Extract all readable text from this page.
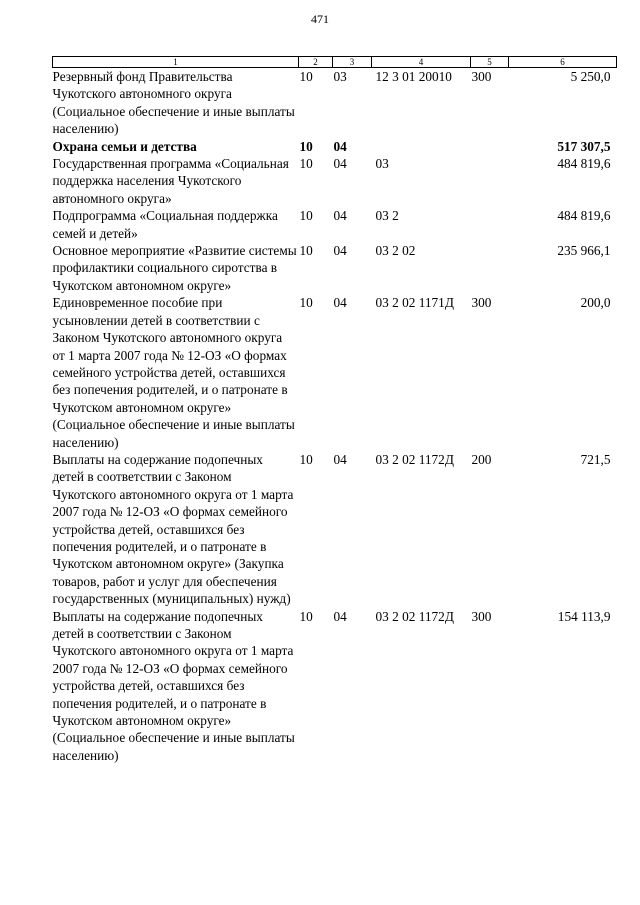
471
1	2	3	4	5	6
Резервный фонд Правительства Чукотского автономного округа (Социальное обеспечение и иные выплаты населению)	10	03	12 3 01 20010	300	5 250,0
Охрана семьи и детства	10	04			517 307,5
Государственная программа «Социальная поддержка населения Чукотского автономного округа»	10	04	03		484 819,6
Подпрограмма «Социальная поддержка семей и детей»	10	04	03 2		484 819,6
Основное мероприятие «Развитие системы профилактики социального сиротства в Чукотском автономном округе»	10	04	03 2 02		235 966,1
Единовременное пособие при усыновлении детей в соответствии с Законом Чукотского автономного округа от 1 марта 2007 года № 12-ОЗ «О формах семейного устройства детей, оставшихся без попечения родителей, и о патронате в Чукотском автономном округе» (Социальное обеспечение и иные выплаты населению)	10	04	03 2 02 1171Д	300	200,0
Выплаты на содержание подопечных детей в соответствии с Законом Чукотского автономного округа от 1 марта 2007 года № 12-ОЗ «О формах семейного устройства детей, оставшихся без попечения родителей, и о патронате в Чукотском автономном округе» (Закупка товаров, работ и услуг для обеспечения государственных (муниципальных) нужд)	10	04	03 2 02 1172Д	200	721,5
Выплаты на содержание подопечных детей в соответствии с Законом Чукотского автономного округа от 1 марта 2007 года № 12-ОЗ «О формах семейного устройства детей, оставшихся без попечения родителей, и о патронате в Чукотском автономном округе» (Социальное обеспечение и иные выплаты населению)	10	04	03 2 02 1172Д	300	154 113,9
